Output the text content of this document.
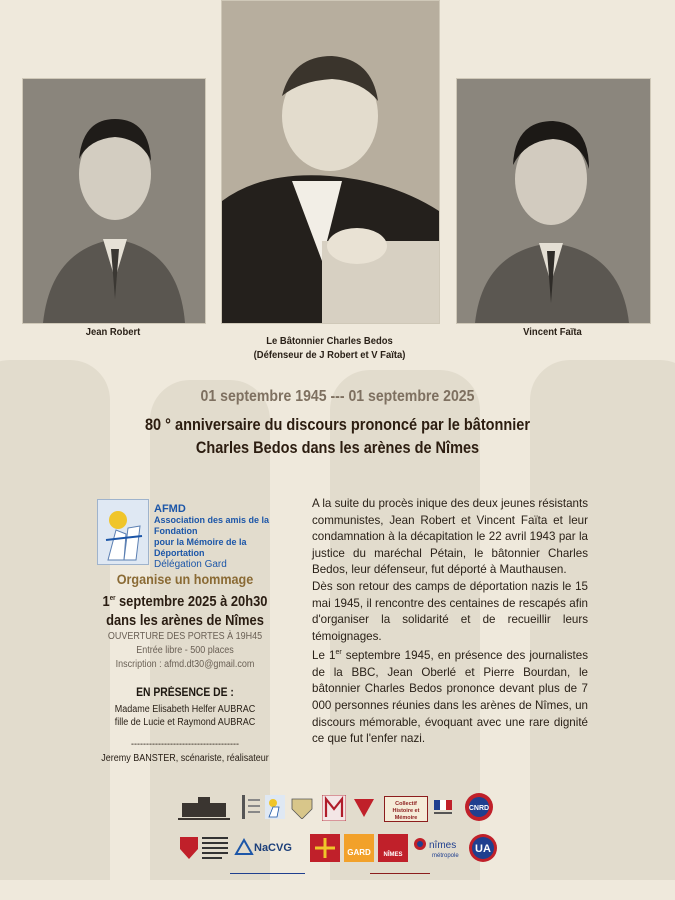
Jean Robert
Le Bâtonnier Charles Bedos
(Défenseur de J Robert et V Faïta)
Vincent Faïta
01 septembre 1945 --- 01 septembre 2025
80 ° anniversaire du discours prononcé par le bâtonnier
Charles Bedos dans les arènes de Nîmes
AFMD
Association des amis de la Fondation
pour la Mémoire de la Déportation
Délégation Gard
Organise un hommage
1er septembre 2025 à 20h30
dans les arènes de Nîmes
OUVERTURE DES PORTES À 19H45
Entrée libre - 500 places
Inscription : afmd.dt30@gmail.com
EN PRÉSENCE DE :
Madame Elisabeth Helfer AUBRAC
fille de Lucie et Raymond AUBRAC
------------------------------------
Jeremy BANSTER, scénariste, réalisateur

A la suite du procès inique des deux jeunes résistants communistes, Jean Robert et Vincent Faïta et leur condamnation à la décapitation le 22 avril 1943 par la justice du maréchal Pétain, le bâtonnier Charles Bedos, leur défenseur, fut déporté à Mauthausen.

Dès son retour des camps de déportation nazis le 15 mai 1945, il rencontre des centaines de rescapés afin d'organiser la solidarité et de recueillir leurs témoignages.

Le 1er septembre 1945, en présence des journalistes de la BBC, Jean Oberlé et Pierre Bourdan, le bâtonnier Charles Bedos prononce devant plus de 7 000 personnes réunies dans les arènes de Nîmes, un discours mémorable, évoquant avec une rare dignité ce que fut l'enfer nazi.

Collectif Histoire et Mémoire
CNRD
NaCVG	GARD	NÎMES
nîmes
métropole
UA
